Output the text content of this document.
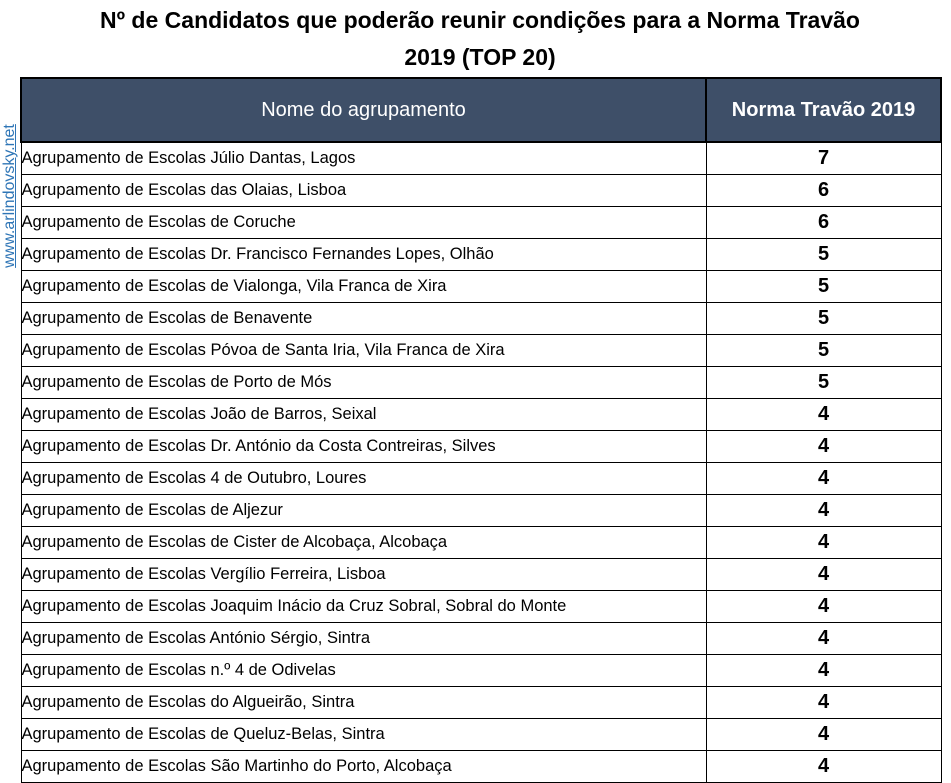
Nº de Candidatos que poderão reunir condições para a Norma Travão
2019 (TOP 20)
www.arlindovsky.net
Nome do agrupamento	Norma Travão 2019
Agrupamento de Escolas Júlio Dantas, Lagos	7
Agrupamento de Escolas das Olaias, Lisboa	6
Agrupamento de Escolas de Coruche	6
Agrupamento de Escolas Dr. Francisco Fernandes Lopes, Olhão	5
Agrupamento de Escolas de Vialonga, Vila Franca de Xira	5
Agrupamento de Escolas de Benavente	5
Agrupamento de Escolas Póvoa de Santa Iria, Vila Franca de Xira	5
Agrupamento de Escolas de Porto de Mós	5
Agrupamento de Escolas João de Barros, Seixal	4
Agrupamento de Escolas Dr. António da Costa Contreiras, Silves	4
Agrupamento de Escolas 4 de Outubro, Loures	4
Agrupamento de Escolas de Aljezur	4
Agrupamento de Escolas de Cister de Alcobaça, Alcobaça	4
Agrupamento de Escolas Vergílio Ferreira, Lisboa	4
Agrupamento de Escolas Joaquim Inácio da Cruz Sobral, Sobral do Monte	4
Agrupamento de Escolas António Sérgio, Sintra	4
Agrupamento de Escolas n.º 4 de Odivelas	4
Agrupamento de Escolas do Algueirão, Sintra	4
Agrupamento de Escolas de Queluz-Belas, Sintra	4
Agrupamento de Escolas São Martinho do Porto, Alcobaça	4
